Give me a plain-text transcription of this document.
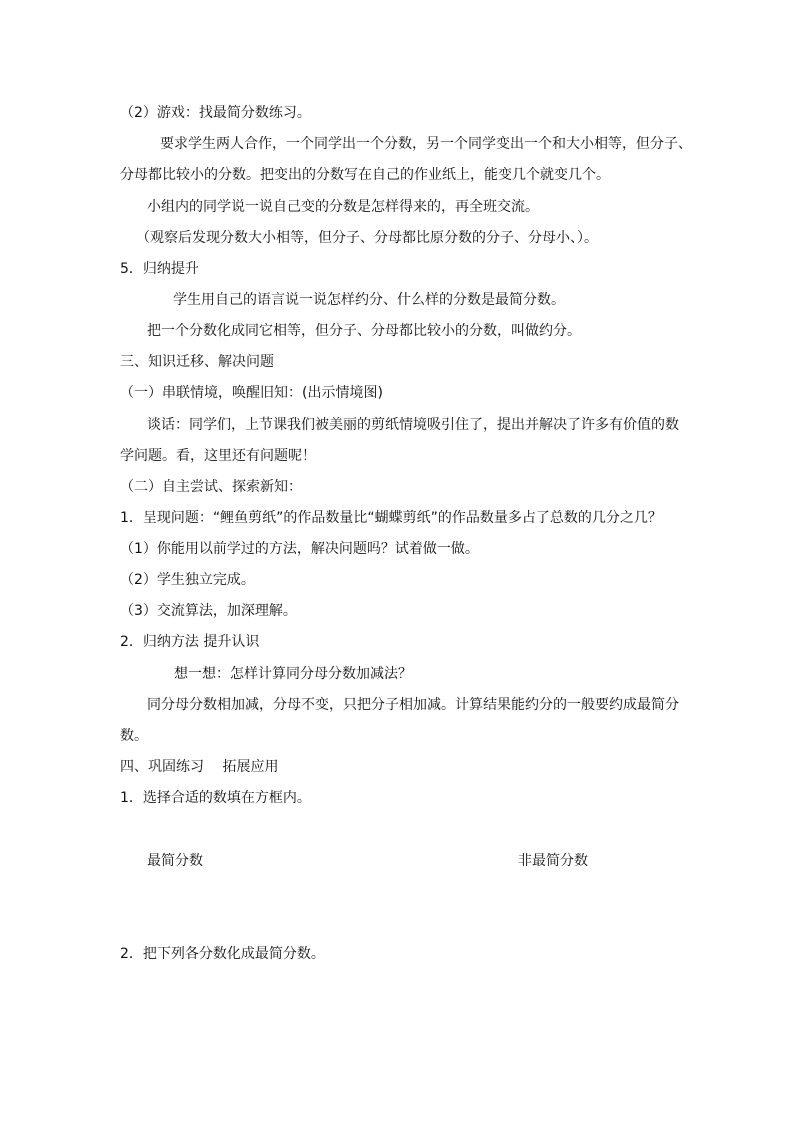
（2）游戏：找最简分数练习。
要求学生两人合作，一个同学出一个分数，另一个同学变出一个和大小相等，但分子、
分母都比较小的分数。把变出的分数写在自己的作业纸上，能变几个就变几个。
小组内的同学说一说自己变的分数是怎样得来的，再全班交流。
（观察后发现分数大小相等，但分子、分母都比原分数的分子、分母小、）。
5．归纳提升
学生用自己的语言说一说怎样约分、什么样的分数是最简分数。
把一个分数化成同它相等，但分子、分母都比较小的分数，叫做约分。
三、知识迁移、解决问题
（一）串联情境，唤醒旧知：(出示情境图)
谈话：同学们，上节课我们被美丽的剪纸情境吸引住了，提出并解决了许多有价值的数
学问题。看，这里还有问题呢！
（二）自主尝试、探索新知：
1．呈现问题：“鲤鱼剪纸”的作品数量比“蝴蝶剪纸”的作品数量多占了总数的几分之几？
（1）你能用以前学过的方法，解决问题吗？试着做一做。
（2）学生独立完成。
（3）交流算法，加深理解。
2．归纳方法 提升认识
想一想：怎样计算同分母分数加减法？
同分母分数相加减，分母不变，只把分子相加减。计算结果能约分的一般要约成最简分
数。
四、巩固练习　 拓展应用
1．选择合适的数填在方框内。
最简分数	非最简分数
2．把下列各分数化成最简分数。
